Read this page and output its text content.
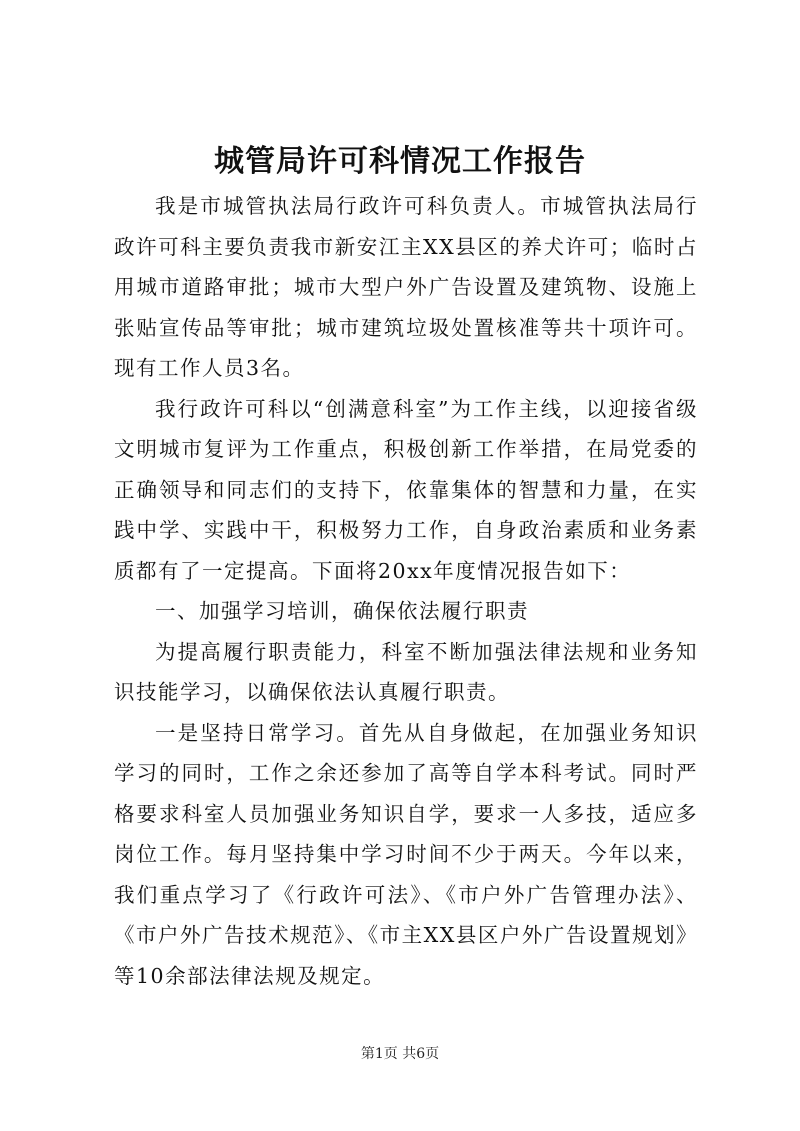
城管局许可科情况工作报告

我是市城管执法局行政许可科负责人。市城管执法局行政许可科主要负责我市新安江主XX县区的养犬许可；临时占用城市道路审批；城市大型户外广告设置及建筑物、设施上张贴宣传品等审批；城市建筑垃圾处置核准等共十项许可。现有工作人员3名。

我行政许可科以“创满意科室”为工作主线，以迎接省级文明城市复评为工作重点，积极创新工作举措，在局党委的正确领导和同志们的支持下，依靠集体的智慧和力量，在实践中学、实践中干，积极努力工作，自身政治素质和业务素质都有了一定提高。下面将20xx年度情况报告如下：

一、加强学习培训，确保依法履行职责

为提高履行职责能力，科室不断加强法律法规和业务知识技能学习，以确保依法认真履行职责。

一是坚持日常学习。首先从自身做起，在加强业务知识学习的同时，工作之余还参加了高等自学本科考试。同时严格要求科室人员加强业务知识自学，要求一人多技，适应多岗位工作。每月坚持集中学习时间不少于两天。今年以来，我们重点学习了《行政许可法》、《市户外广告管理办法》、《市户外广告技术规范》、《市主XX县区户外广告设置规划》等10余部法律法规及规定。

第1页 共6页
